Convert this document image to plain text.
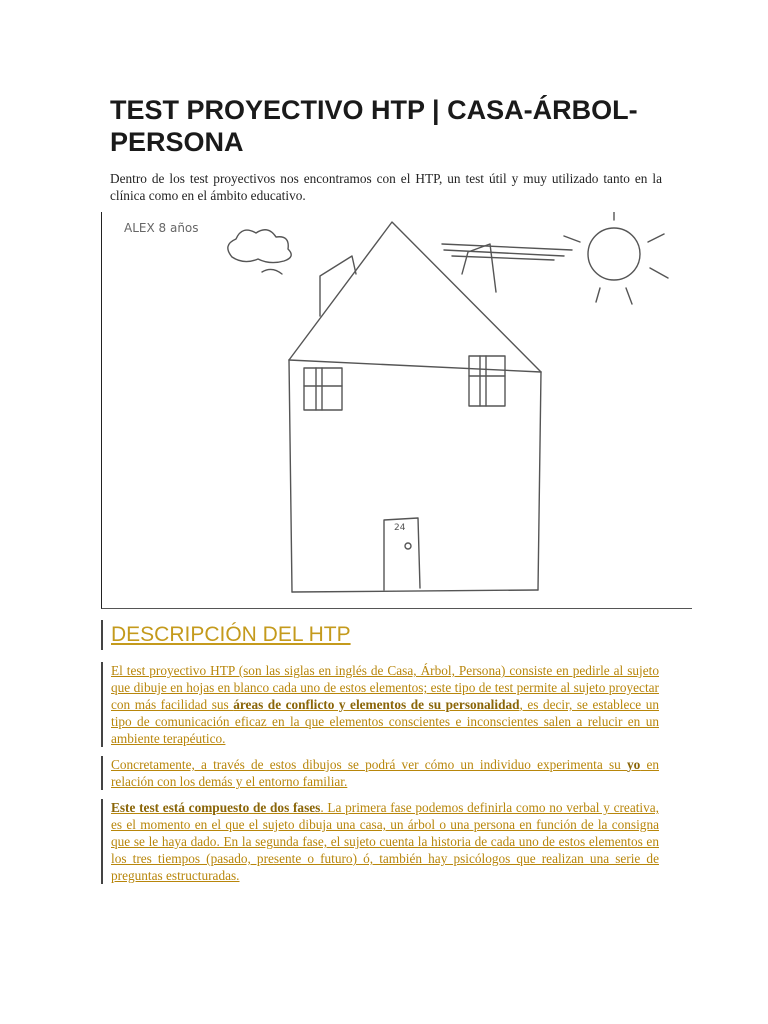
TEST PROYECTIVO HTP | CASA-ÁRBOL-PERSONA

Dentro de los test proyectivos nos encontramos con el HTP, un test útil y muy utilizado tanto en la clínica como en el ámbito educativo.

ALEX 8 años
24
DESCRIPCIÓN DEL HTP

El test proyectivo HTP (son las siglas en inglés de Casa, Árbol, Persona) consiste en pedirle al sujeto que dibuje en hojas en blanco cada uno de estos elementos; este tipo de test permite al sujeto proyectar con más facilidad sus áreas de conflicto y elementos de su personalidad, es decir, se establece un tipo de comunicación eficaz en la que elementos conscientes e inconscientes salen a relucir en un ambiente terapéutico.

Concretamente, a través de estos dibujos se podrá ver cómo un individuo experimenta su yo en relación con los demás y el entorno familiar.

Este test está compuesto de dos fases. La primera fase podemos definirla como no verbal y creativa, es el momento en el que el sujeto dibuja una casa, un árbol o una persona en función de la consigna que se le haya dado. En la segunda fase, el sujeto cuenta la historia de cada uno de estos elementos en los tres tiempos (pasado, presente o futuro) ó, también hay psicólogos que realizan una serie de preguntas estructuradas.
